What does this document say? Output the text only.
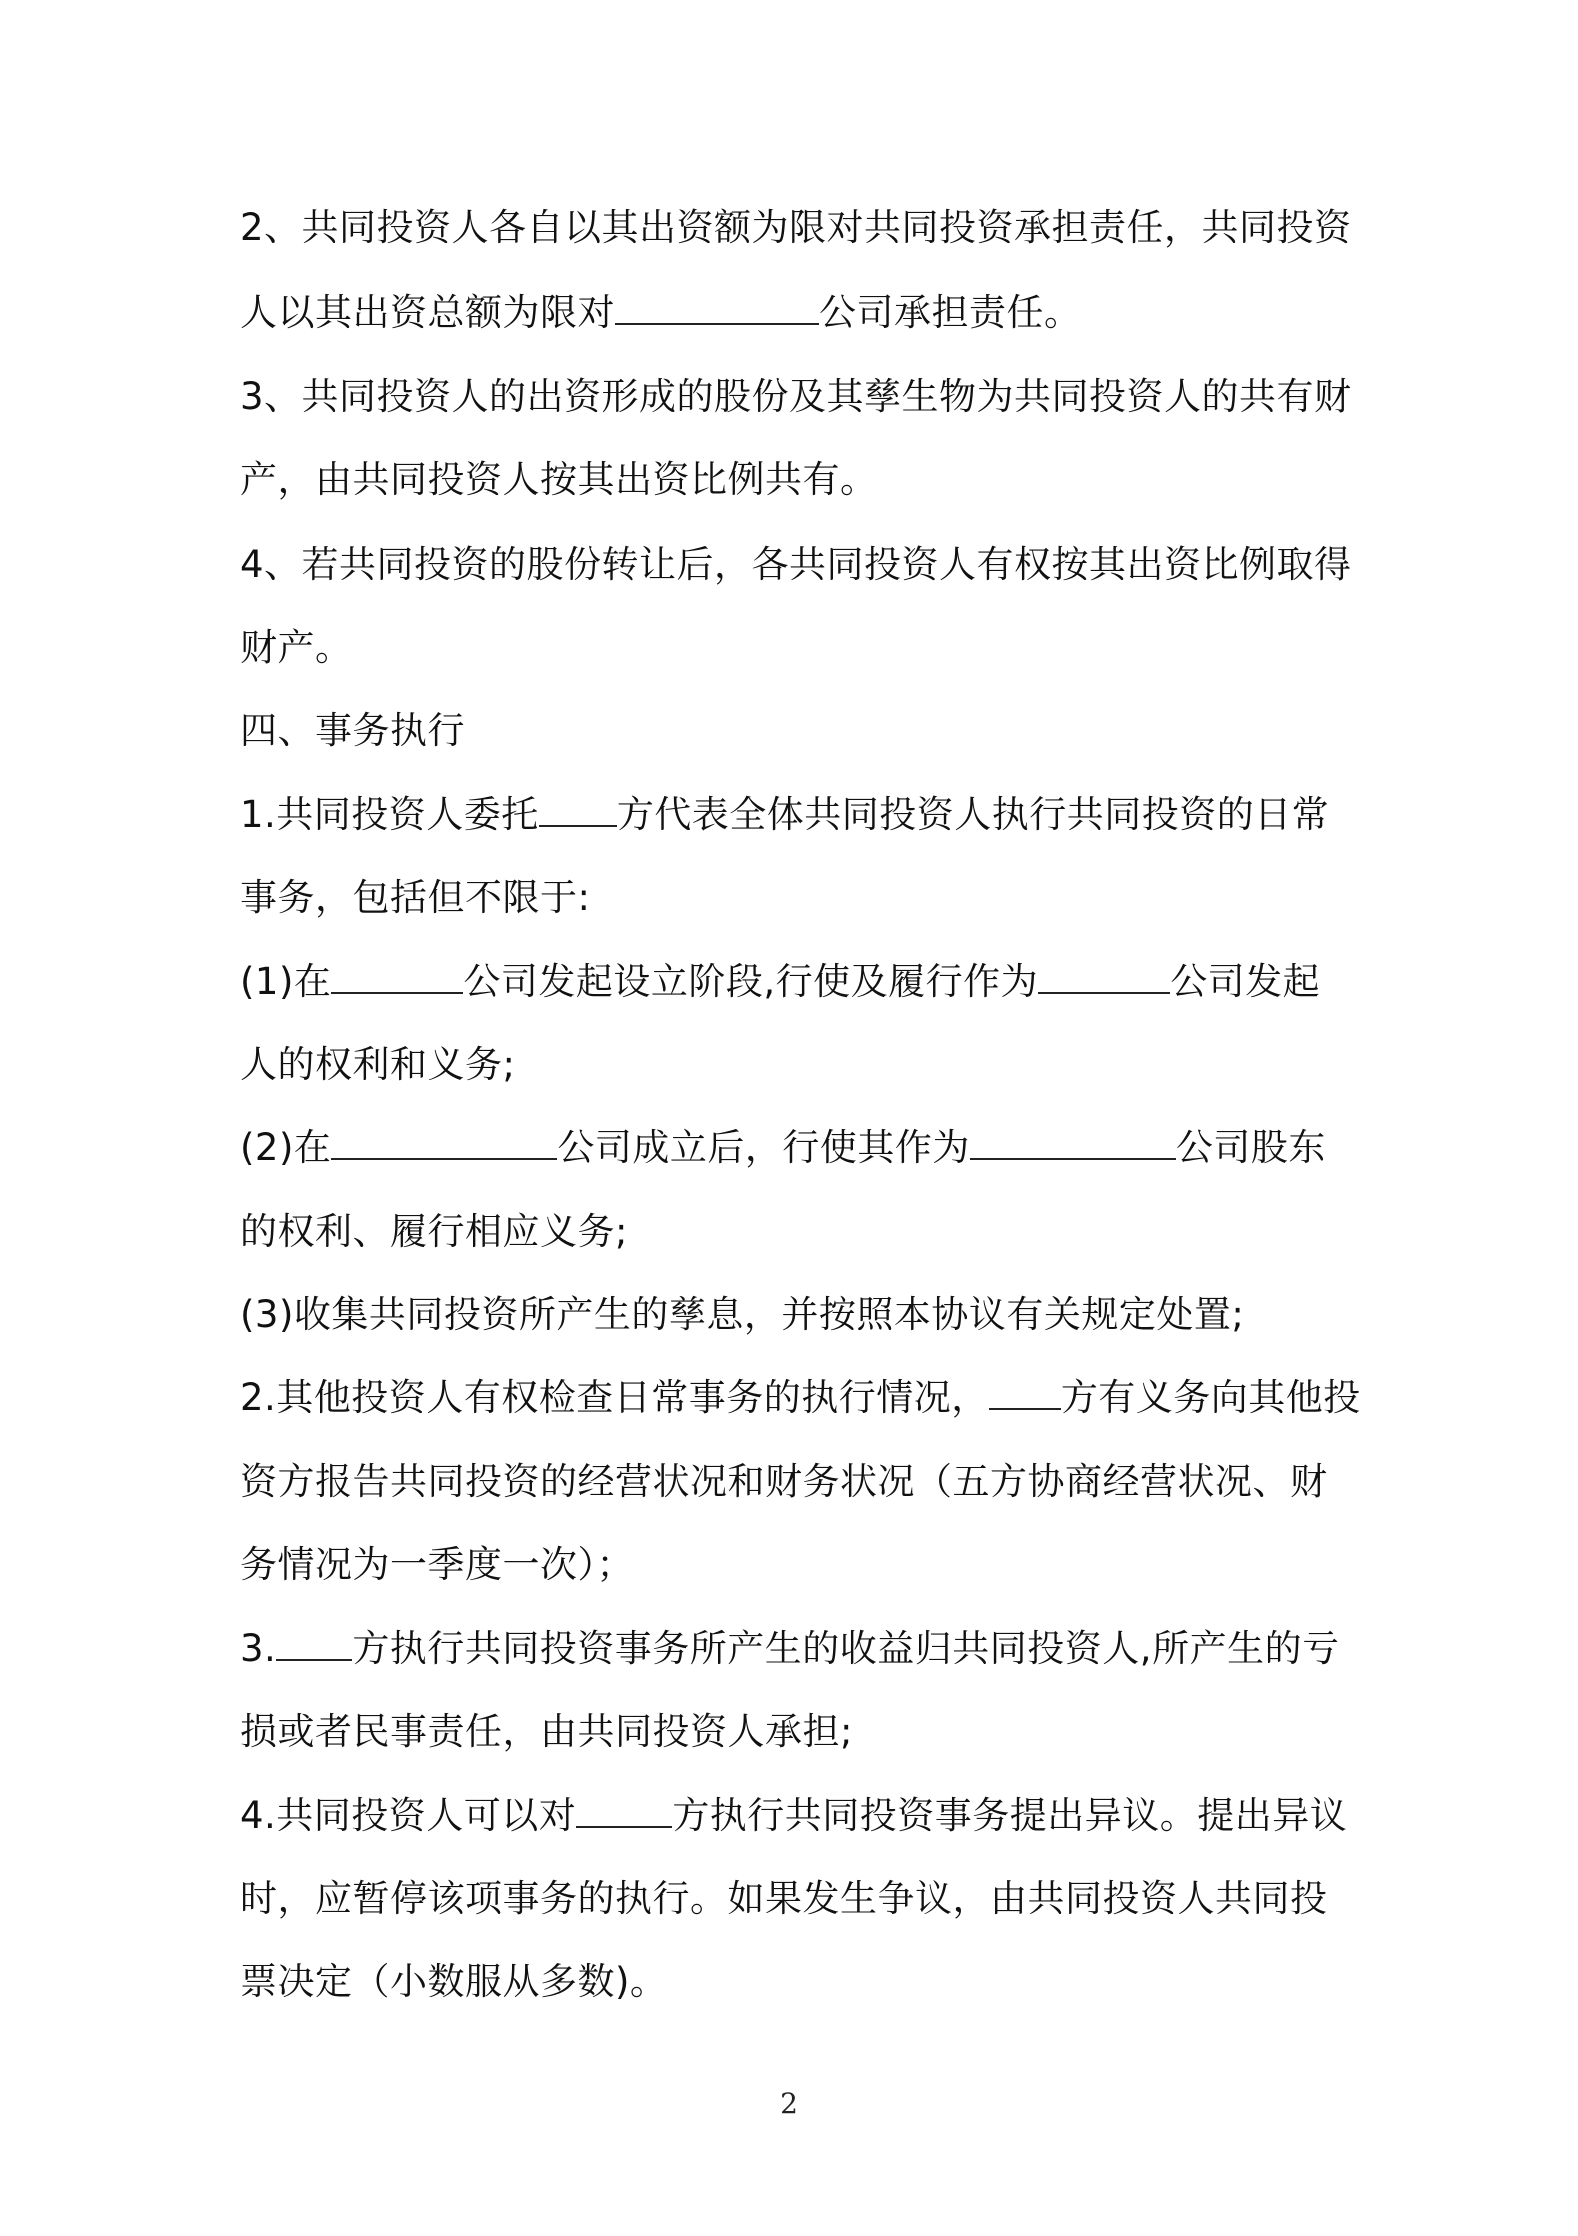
2、共同投资人各自以其出资额为限对共同投资承担责任，共同投资
人以其出资总额为限对	公司承担责任。
3、共同投资人的出资形成的股份及其孳生物为共同投资人的共有财
产，由共同投资人按其出资比例共有。
4、若共同投资的股份转让后，各共同投资人有权按其出资比例取得
财产。
四、事务执行
1.共同投资人委托 方代表全体共同投资人执行共同投资的日常
事务，包括但不限于:
(1)在	公司发起设立阶段,行使及履行作为	公司发起
人的权利和义务;
(2)在	公司成立后，行使其作为	公司股东
的权利、履行相应义务;
(3)收集共同投资所产生的孳息，并按照本协议有关规定处置;
2.其他投资人有权检查日常事务的执行情况， 方有义务向其他投
资方报告共同投资的经营状况和财务状况（五方协商经营状况、财
务情况为一季度一次）；
3. 方执行共同投资事务所产生的收益归共同投资人,所产生的亏
损或者民事责任，由共同投资人承担;
4.共同投资人可以对	方执行共同投资事务提出异议。提出异议
时，应暂停该项事务的执行。如果发生争议，由共同投资人共同投
票决定（小数服从多数)。
2
